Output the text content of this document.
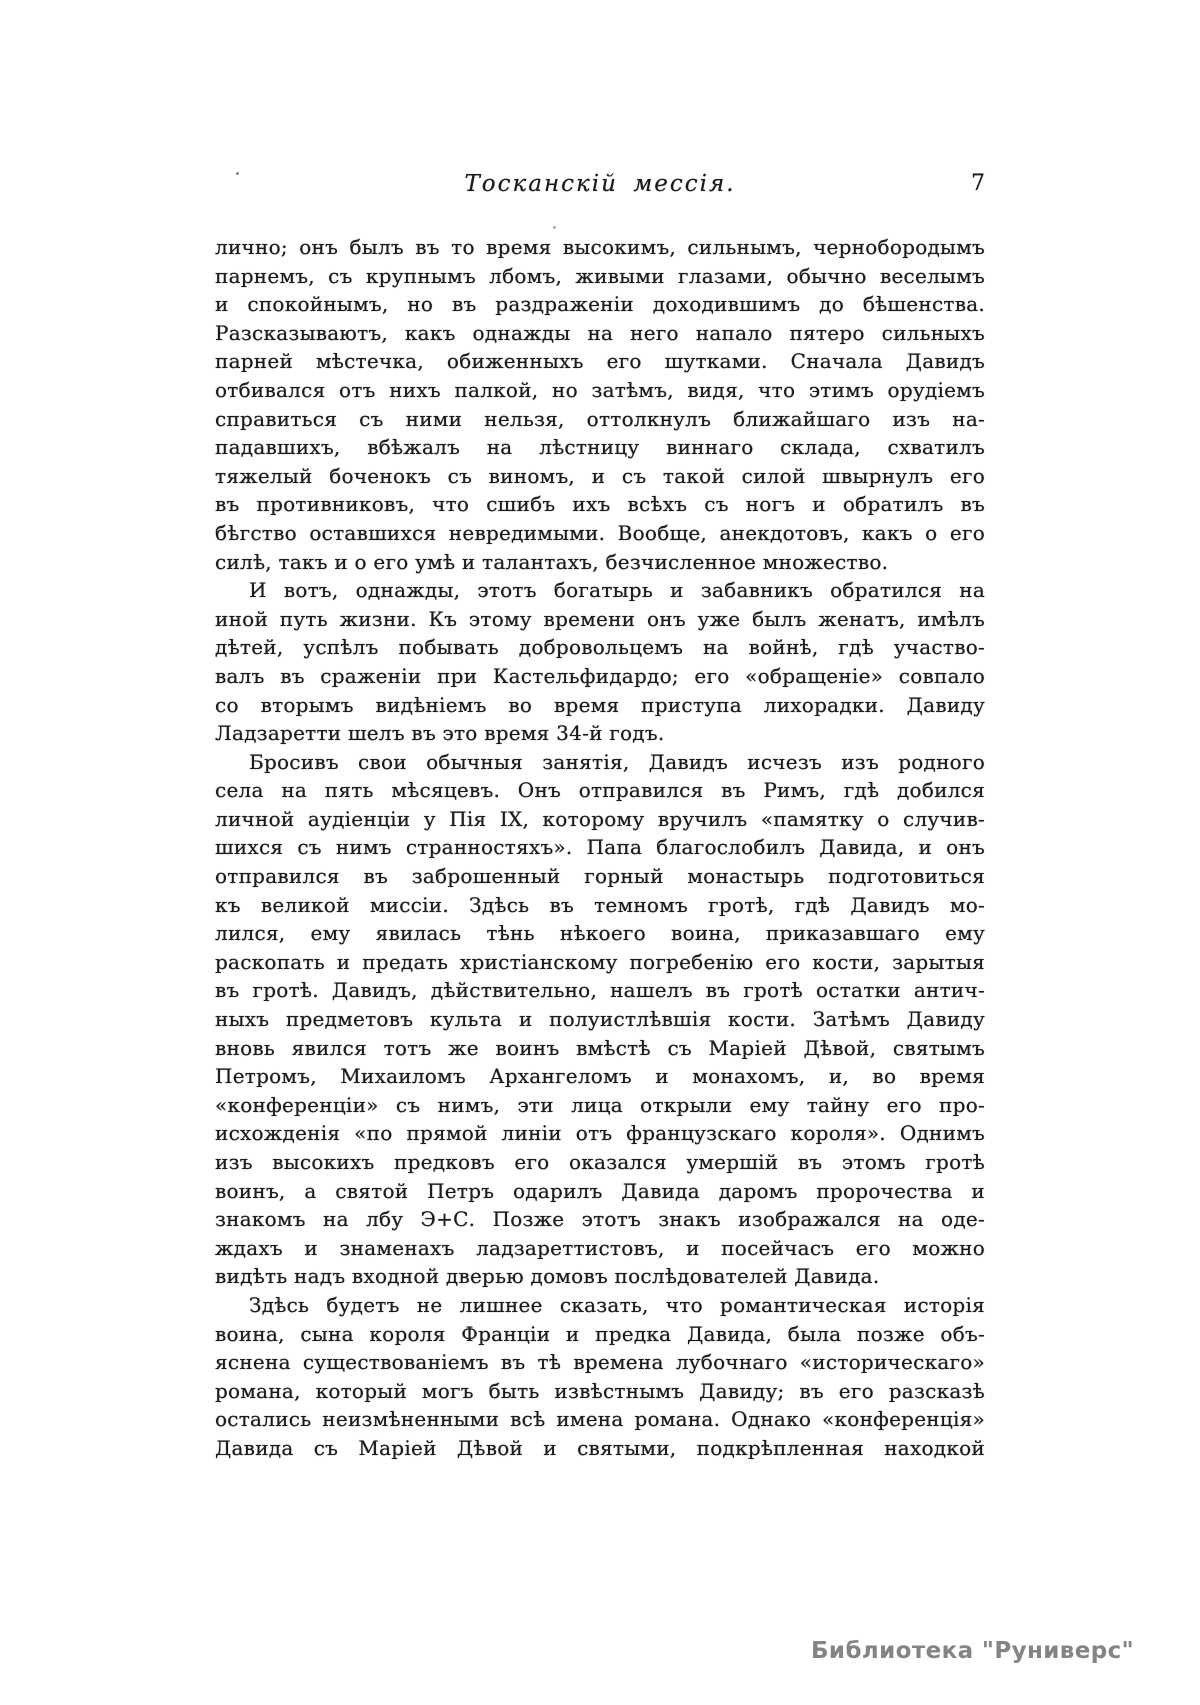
Тосканскій мессія.	7
лично; онъ былъ въ то время высокимъ, сильнымъ, чернобородымъ
парнемъ, съ крупнымъ лбомъ, живыми глазами, обычно веселымъ
и спокойнымъ, но въ раздраженіи доходившимъ до бѣшенства.
Разсказываютъ, какъ однажды на него напало пятеро сильныхъ
парней мѣстечка, обиженныхъ его шутками. Сначала Давидъ
отбивался отъ нихъ палкой, но затѣмъ, видя, что этимъ орудіемъ
справиться съ ними нельзя, оттолкнулъ ближайшаго изъ на-
падавшихъ, вбѣжалъ на лѣстницу виннаго склада, схватилъ
тяжелый боченокъ съ виномъ, и съ такой силой швырнулъ его
въ противниковъ, что сшибъ ихъ всѣхъ съ ногъ и обратилъ въ
бѣгство оставшихся невредимыми. Вообще, анекдотовъ, какъ о его
силѣ, такъ и о его умѣ и талантахъ, безчисленное множество.
И вотъ, однажды, этотъ богатырь и забавникъ обратился на
иной путь жизни. Къ этому времени онъ уже былъ женатъ, имѣлъ
дѣтей, успѣлъ побывать добровольцемъ на войнѣ, гдѣ участво-
валъ въ сраженіи при Кастельфидардо; его «обращеніе» совпало
со вторымъ видѣніемъ во время приступа лихорадки. Давиду
Ладзаретти шелъ въ это время 34-й годъ.
Бросивъ свои обычныя занятія, Давидъ исчезъ изъ родного
села на пять мѣсяцевъ. Онъ отправился въ Римъ, гдѣ добился
личной аудіенціи у Пія IX, которому вручилъ «памятку о случив-
шихся съ нимъ странностяхъ». Папа благослобилъ Давида, и онъ
отправился въ заброшенный горный монастырь подготовиться
къ великой миссіи. Здѣсь въ темномъ гротѣ, гдѣ Давидъ мо-
лился, ему явилась тѣнь нѣкоего воина, приказавшаго ему
раскопать и предать христіанскому погребенію его кости, зарытыя
въ гротѣ. Давидъ, дѣйствительно, нашелъ въ гротѣ остатки антич-
ныхъ предметовъ культа и полуистлѣвшія кости. Затѣмъ Давиду
вновь явился тотъ же воинъ вмѣстѣ съ Маріей Дѣвой, святымъ
Петромъ, Михаиломъ Архангеломъ и монахомъ, и, во время
«конференціи» съ нимъ, эти лица открыли ему тайну его про-
исхожденія «по прямой линіи отъ французскаго короля». Однимъ
изъ высокихъ предковъ его оказался умершій въ этомъ гротѣ
воинъ, а святой Петръ одарилъ Давида даромъ пророчества и
знакомъ на лбу Э+С. Позже этотъ знакъ изображался на оде-
ждахъ и знаменахъ ладзареттистовъ, и посейчасъ его можно
видѣть надъ входной дверью домовъ послѣдователей Давида.
Здѣсь будетъ не лишнее сказать, что романтическая исторія
воина, сына короля Франціи и предка Давида, была позже объ-
яснена существованіемъ въ тѣ времена лубочнаго «историческаго»
романа, который могъ быть извѣстнымъ Давиду; въ его разсказѣ
остались неизмѣненными всѣ имена романа. Однако «конференція»
Давида съ Маріей Дѣвой и святыми, подкрѣпленная находкой
Библиотека "Руниверс"
